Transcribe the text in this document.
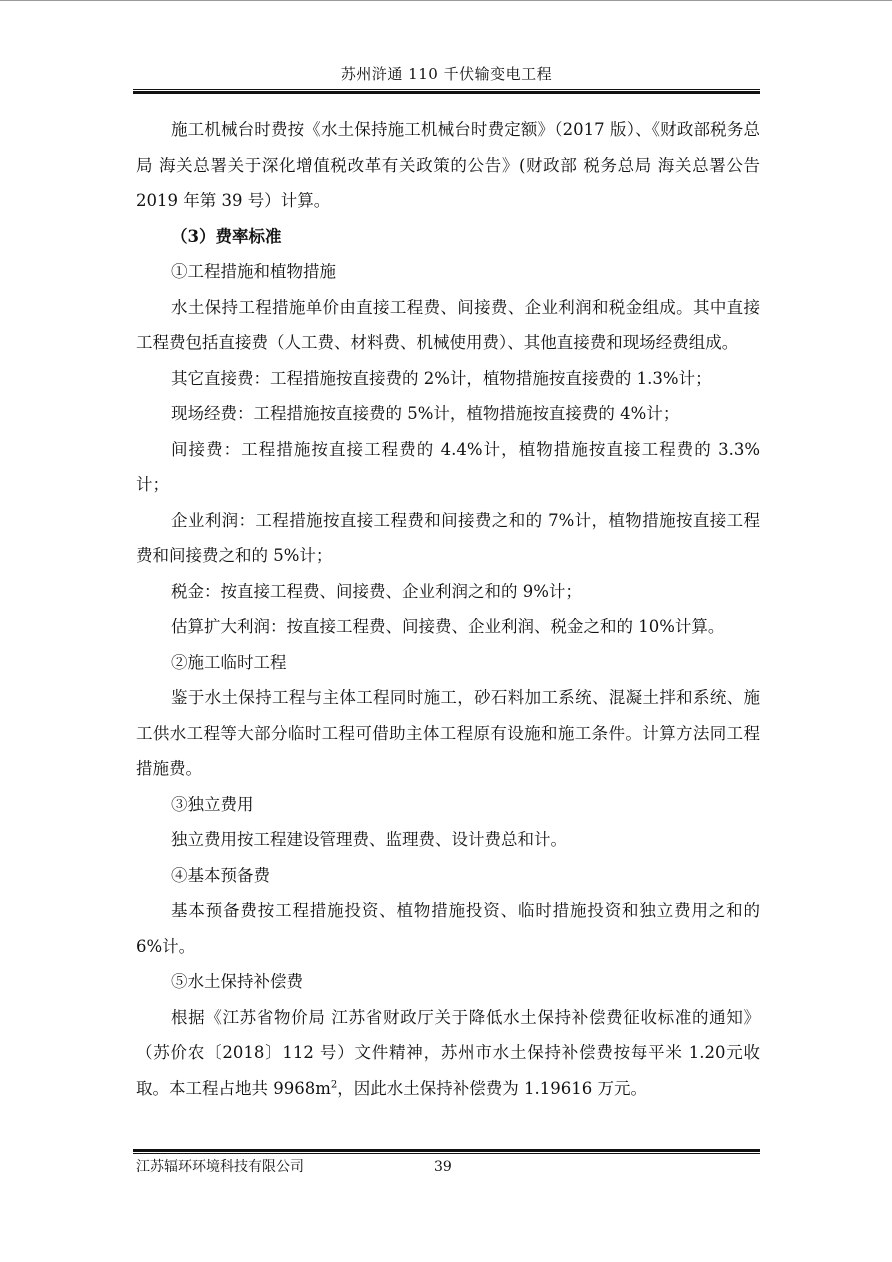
苏州浒通 110 千伏输变电工程

施工机械台时费按《水土保持施工机械台时费定额》（2017 版）、《财政部税务总局 海关总署关于深化增值税改革有关政策的公告》(财政部 税务总局 海关总署公告 2019 年第 39 号）计算。

（3）费率标准

①工程措施和植物措施

水土保持工程措施单价由直接工程费、间接费、企业利润和税金组成。其中直接工程费包括直接费（人工费、材料费、机械使用费）、其他直接费和现场经费组成。

其它直接费：工程措施按直接费的 2%计，植物措施按直接费的 1.3%计；

现场经费：工程措施按直接费的 5%计，植物措施按直接费的 4%计；

间接费：工程措施按直接工程费的 4.4%计，植物措施按直接工程费的 3.3%计；

企业利润：工程措施按直接工程费和间接费之和的 7%计，植物措施按直接工程费和间接费之和的 5%计；

税金：按直接工程费、间接费、企业利润之和的 9%计；

估算扩大利润：按直接工程费、间接费、企业利润、税金之和的 10%计算。

②施工临时工程

鉴于水土保持工程与主体工程同时施工，砂石料加工系统、混凝土拌和系统、施工供水工程等大部分临时工程可借助主体工程原有设施和施工条件。计算方法同工程措施费。

③独立费用

独立费用按工程建设管理费、监理费、设计费总和计。

④基本预备费

基本预备费按工程措施投资、植物措施投资、临时措施投资和独立费用之和的 6%计。

⑤水土保持补偿费

根据《江苏省物价局 江苏省财政厅关于降低水土保持补偿费征收标准的通知》（苏价农〔2018〕112 号）文件精神，苏州市水土保持补偿费按每平米 1.20元收取。本工程占地共 $9968m^2$，因此水土保持补偿费为 1.19616 万元。

江苏辐环环境科技有限公司	39
